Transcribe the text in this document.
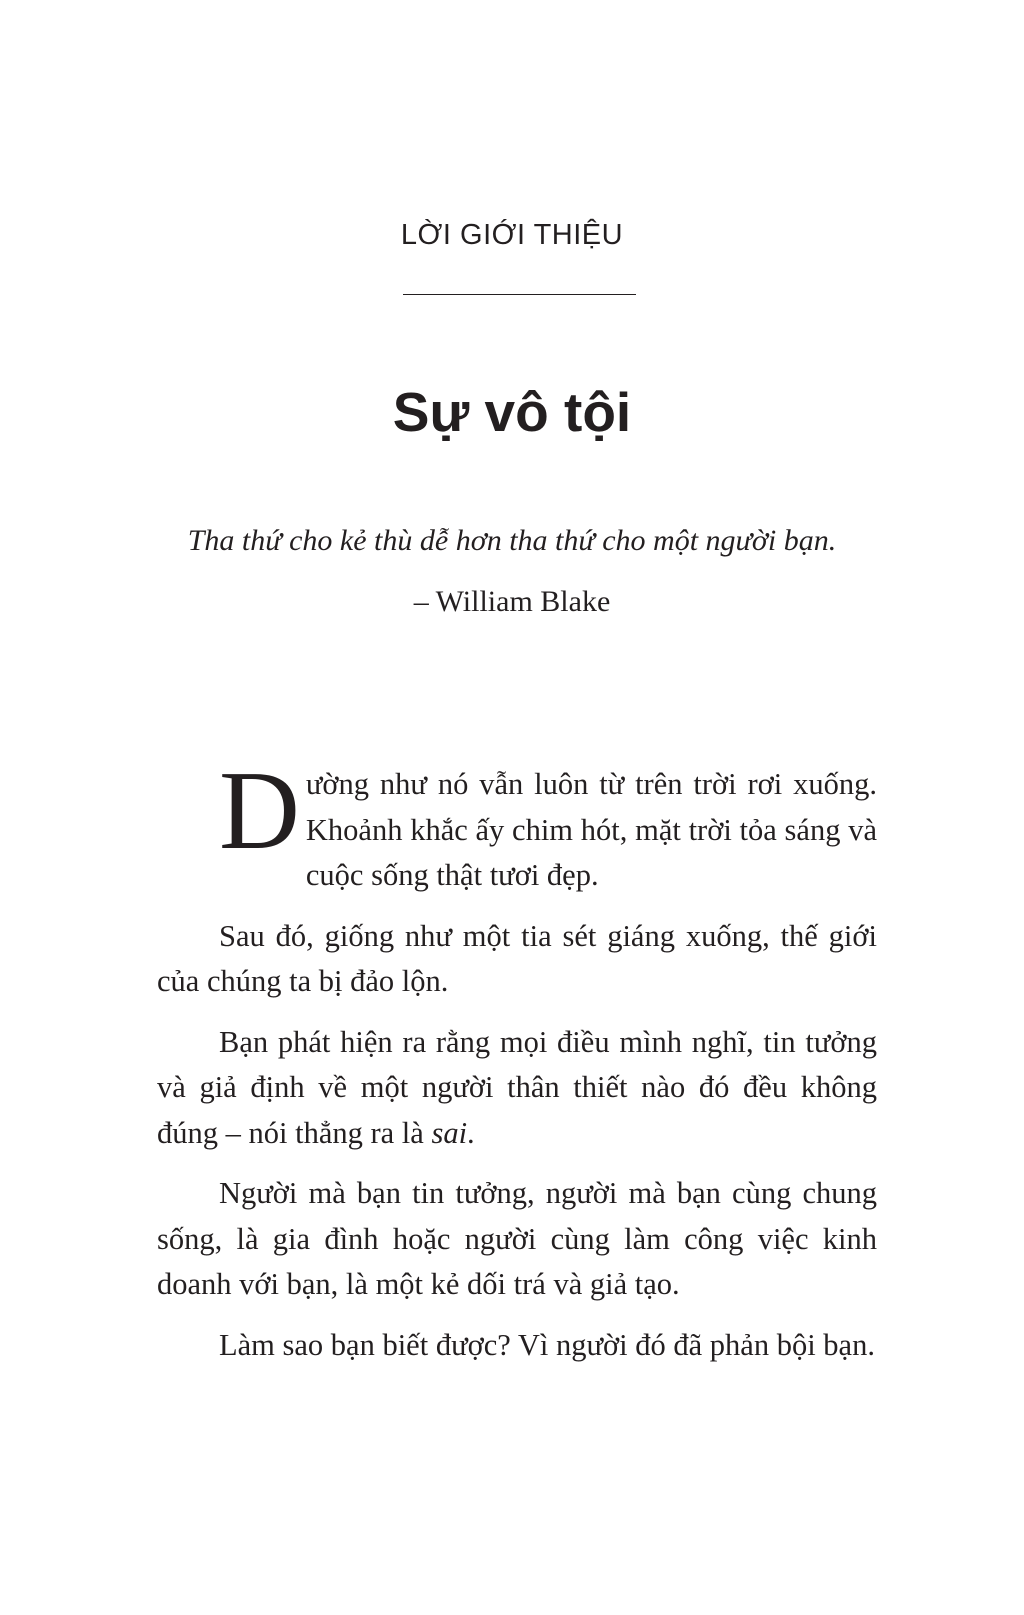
LỜI GIỚI THIỆU
Sự vô tội
Tha thứ cho kẻ thù dễ hơn tha thứ cho một người bạn.
– William Blake

Dường như nó vẫn luôn từ trên trời rơi xuống. Khoảnh khắc ấy chim hót, mặt trời tỏa sáng và cuộc sống thật tươi đẹp.

Sau đó, giống như một tia sét giáng xuống, thế giới của chúng ta bị đảo lộn.

Bạn phát hiện ra rằng mọi điều mình nghĩ, tin tưởng và giả định về một người thân thiết nào đó đều không đúng – nói thẳng ra là sai.

Người mà bạn tin tưởng, người mà bạn cùng chung sống, là gia đình hoặc người cùng làm công việc kinh doanh với bạn, là một kẻ dối trá và giả tạo.

Làm sao bạn biết được? Vì người đó đã phản bội bạn.
